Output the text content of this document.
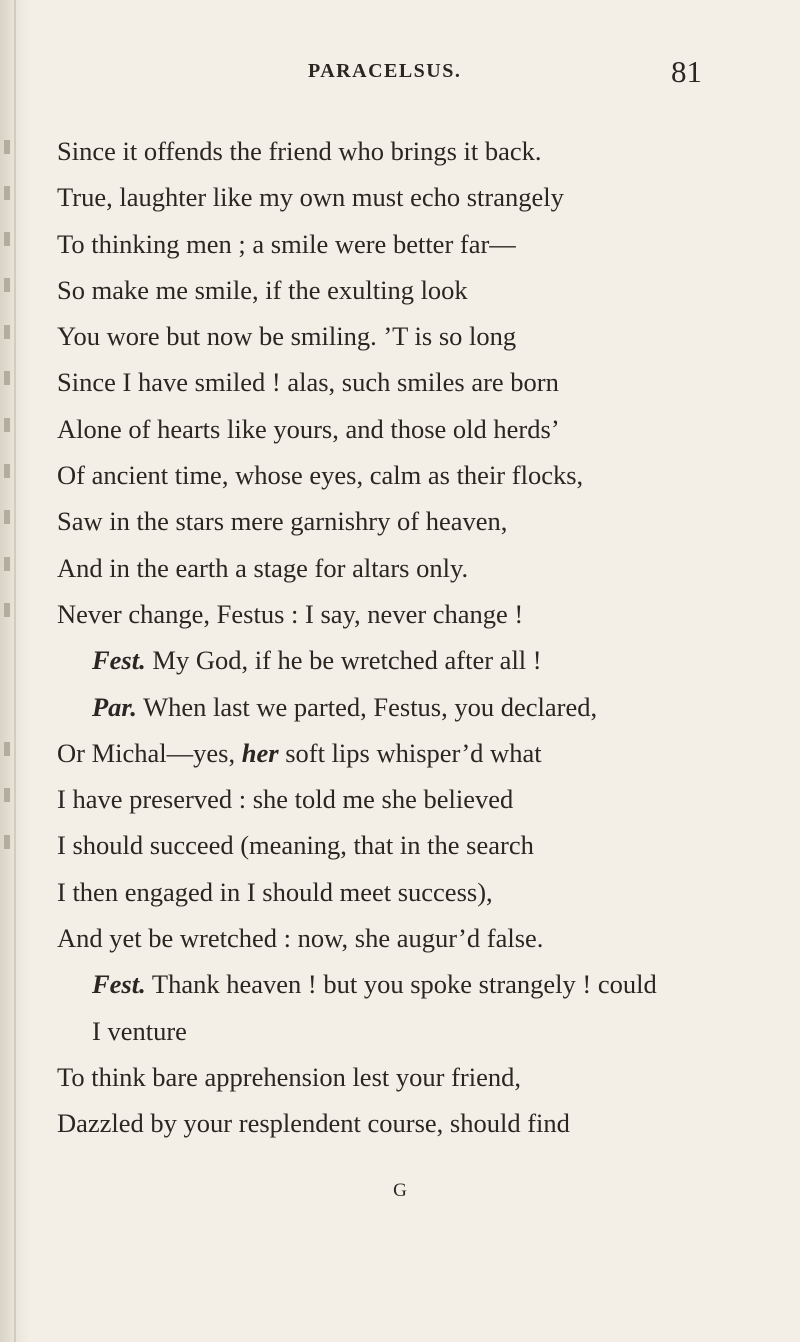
PARACELSUS.	81
Since it offends the friend who brings it back.
True, laughter like my own must echo strangely
To thinking men ; a smile were better far—
So make me smile, if the exulting look
You wore but now be smiling. ’T is so long
Since I have smiled ! alas, such smiles are born
Alone of hearts like yours, and those old herds’
Of ancient time, whose eyes, calm as their flocks,
Saw in the stars mere garnishry of heaven,
And in the earth a stage for altars only.
Never change, Festus : I say, never change !
Fest. My God, if he be wretched after all !
Par. When last we parted, Festus, you declared,
Or Michal—yes, her soft lips whisper’d what
I have preserved : she told me she believed
I should succeed (meaning, that in the search
I then engaged in I should meet success),
And yet be wretched : now, she augur’d false.
Fest. Thank heaven ! but you spoke strangely ! could
I venture
To think bare apprehension lest your friend,
Dazzled by your resplendent course, should find
G
